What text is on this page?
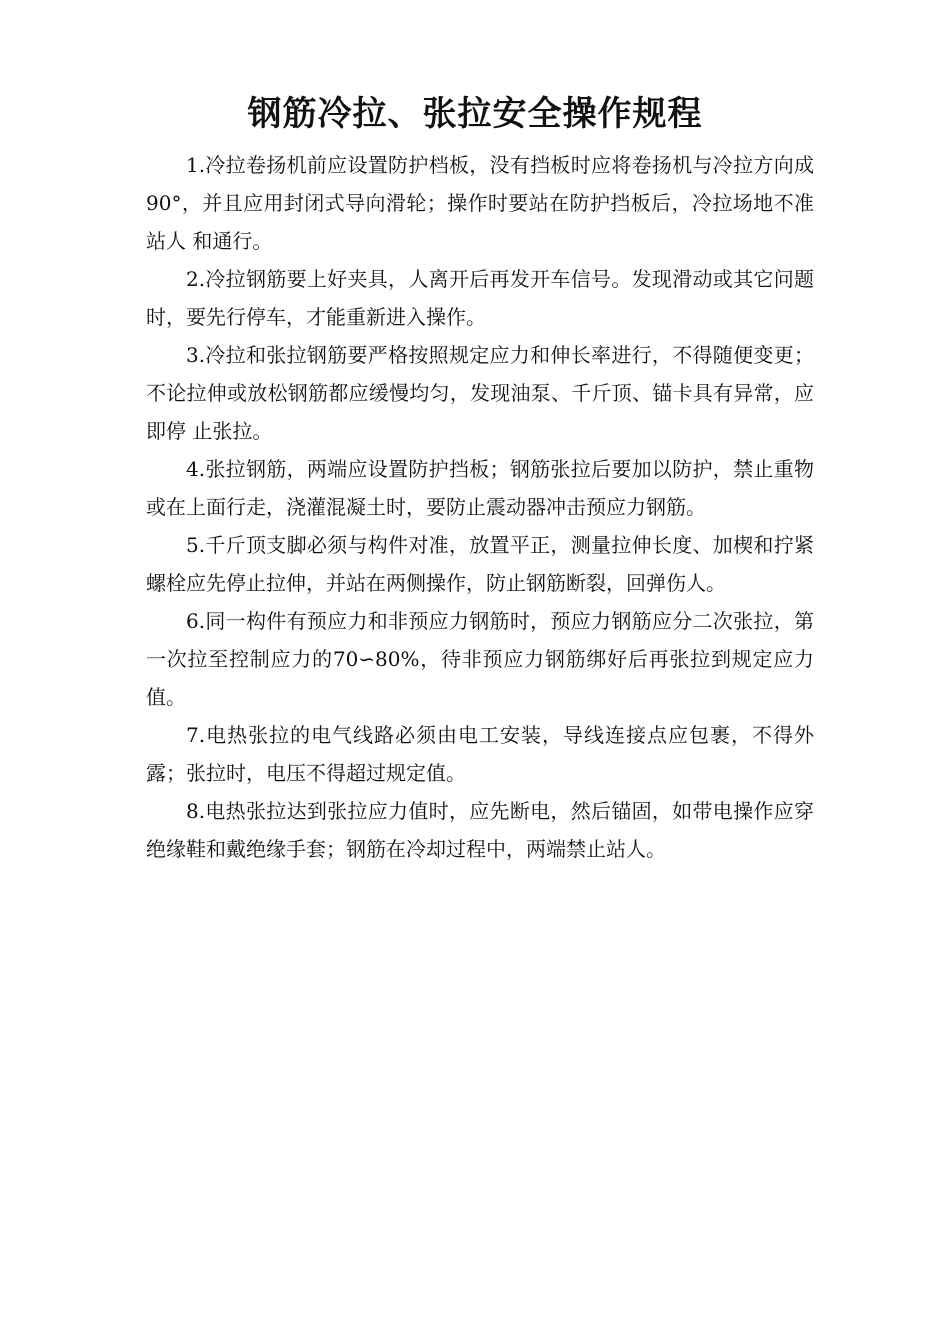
钢筋冷拉、张拉安全操作规程

1.冷拉卷扬机前应设置防护档板，没有挡板时应将卷扬机与冷拉方向成90°，并且应用封闭式导向滑轮；操作时要站在防护挡板后，冷拉场地不准站人 和通行。

2.冷拉钢筋要上好夹具，人离开后再发开车信号。发现滑动或其它问题 时，要先行停车，才能重新进入操作。

3.冷拉和张拉钢筋要严格按照规定应力和伸长率进行，不得随便变更； 不论拉伸或放松钢筋都应缓慢均匀，发现油泵、千斤顶、锚卡具有异常，应即停 止张拉。

4.张拉钢筋，两端应设置防护挡板；钢筋张拉后要加以防护，禁止重物 或在上面行走，浇灌混凝土时，要防止震动器冲击预应力钢筋。

5.千斤顶支脚必须与构件对准，放置平正，测量拉伸长度、加楔和拧紧 螺栓应先停止拉伸，并站在两侧操作，防止钢筋断裂，回弹伤人。

6.同一构件有预应力和非预应力钢筋时，预应力钢筋应分二次张拉，第 一次拉至控制应力的70∽80%，待非预应力钢筋绑好后再张拉到规定应力值。

7.电热张拉的电气线路必须由电工安装，导线连接点应包裹，不得外露；张拉时，电压不得超过规定值。

8.电热张拉达到张拉应力值时，应先断电，然后锚固，如带电操作应穿 绝缘鞋和戴绝缘手套；钢筋在冷却过程中，两端禁止站人。
